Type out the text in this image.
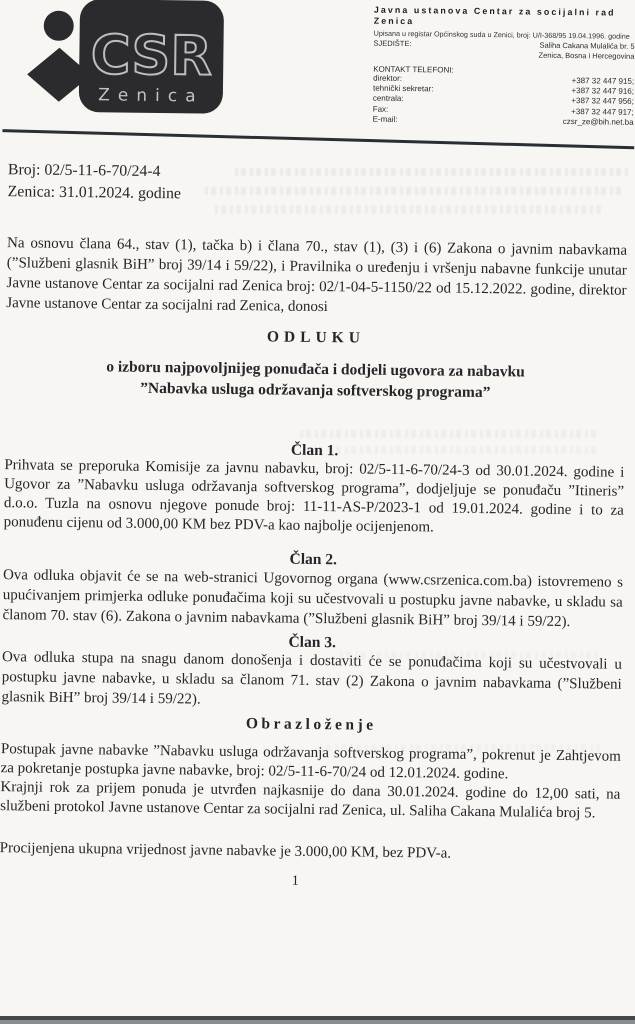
CSR
Zenica
Javna ustanova Centar za socijalni rad
Zenica
Upisana u registar Općinskog suda u Zenici, broj: U/I-368/95 19.04.1996. godine
SJEDIŠTE:	Saliha Cakana Mulalića br. 5
Zenica, Bosna i Hercegovina
KONTAKT TELEFONI:
direktor:	+387 32 447 915;
tehnički sekretar:	+387 32 447 916;
centrala:	+387 32 447 956;
Fax:	+387 32 447 917;
E-mail:	czsr_ze@bih.net.ba
Broj: 02/5-11-6-70/24-4
Zenica: 31.01.2024. godine

Na osnovu člana 64., stav (1), tačka b) i člana 70., stav (1), (3) i (6) Zakona o javnim nabavkama (”Službeni glasnik BiH” broj 39/14 i 59/22), i Pravilnika o uređenju i vršenju nabavne funkcije unutar Javne ustanove Centar za socijalni rad Zenica broj: 02/1-04-5-1150/22 od 15.12.2022. godine, direktor Javne ustanove Centar za socijalni rad Zenica, donosi

ODLUKU
o izboru najpovoljnijeg ponuđača i dodjeli ugovora za nabavku
”Nabavka usluga održavanja softverskog programa”
Član 1.

Prihvata se preporuka Komisije za javnu nabavku, broj: 02/5-11-6-70/24-3 od 30.01.2024. godine i Ugovor za ”Nabavku usluga održavanja softverskog programa”, dodjeljuje se ponuđaču ”Itineris” d.o.o. Tuzla na osnovu njegove ponude broj: 11-11-AS-P/2023-1 od 19.01.2024. godine i to za ponuđenu cijenu od 3.000,00 KM bez PDV-a kao najbolje ocijenjenom.

Član 2.

Ova odluka objavit će se na web-stranici Ugovornog organa (www.csrzenica.com.ba) istovremeno s upućivanjem primjerka odluke ponuđačima koji su učestvovali u postupku javne nabavke, u skladu sa članom 70. stav (6). Zakona o javnim nabavkama (”Službeni glasnik BiH” broj 39/14 i 59/22).

Član 3.

Ova odluka stupa na snagu danom donošenja i dostaviti će se ponuđačima koji su učestvovali u postupku javne nabavke, u skladu sa članom 71. stav (2) Zakona o javnim nabavkama (”Službeni glasnik BiH” broj 39/14 i 59/22).

Obrazloženje

Postupak javne nabavke ”Nabavku usluga održavanja softverskog programa”, pokrenut je Zahtjevom za pokretanje postupka javne nabavke, broj: 02/5-11-6-70/24 od 12.01.2024. godine.

Krajnji rok za prijem ponuda je utvrđen najkasnije do dana 30.01.2024. godine do 12,00 sati, na službeni protokol Javne ustanove Centar za socijalni rad Zenica, ul. Saliha Cakana Mulalića broj 5.

Procijenjena ukupna vrijednost javne nabavke je 3.000,00 KM, bez PDV-a.

1
